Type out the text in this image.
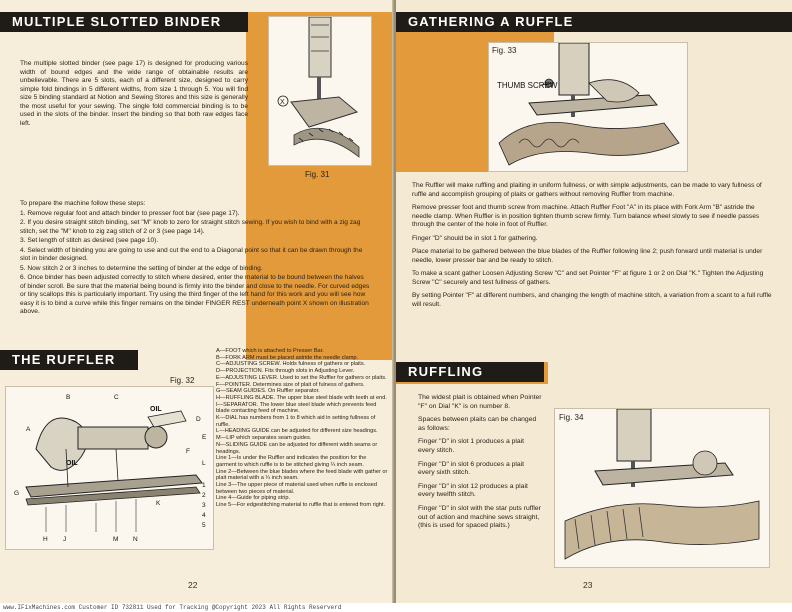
MULTIPLE SLOTTED BINDER
The multiple slotted binder (see page 17) is designed for producing various width of bound edges and the wide range of obtainable results are unbelievable. There are 5 slots, each of a different size, designed to carry simple fold bindings in 5 different widths, from size 1 through 5. You will find size 5 binding standard at Notion and Sewing Stores and this size is generally the most useful for your sewing. The single fold commercial binding is to be used in the slots of the binder. Insert the binding so that both raw edges face left.
X
Fig. 31

To prepare the machine follow these steps:

1. Remove regular foot and attach binder to presser foot bar (see page 17).

2. If you desire straight stitch binding, set "M" knob to zero for straight stitch sewing. If you wish to bind with a zig zag stitch, set the "M" knob to zig zag stitch of 2 or 3 (see page 14).

3. Set length of stitch as desired (see page 10).

4. Select width of binding you are going to use and cut the end to a Diagonal point so that it can be drawn through the slot in binder designed.

5. Now stitch 2 or 3 inches to determine the setting of binder at the edge of binding.

6. Once binder has been adjusted correctly to stitch where desired, enter the material to be bound between the halves of binder scroll. Be sure that the material being bound is firmly into the binder and close to the needle. For curved edges or tiny scallops this is particularly important. Try using the third finger of the left hand for this work and you will see how easy it is to bind a curve while this finger remains on the binder FINGER REST underneath point X shown on illustration above.

THE RUFFLER
Fig. 32
OIL
OIL
A
B	C
D
E
F
G
H J
K
L
M N
1
2
3
4
5

A—FOOT which is attached to Presser Bar.

B—FORK ARM must be placed astride the needle clamp.

C—ADJUSTING SCREW. Holds fulness of gathers or plaits.

D—PROJECTION. Fits through slots in Adjusting Lever.

E—ADJUSTING LEVER. Used to set the Ruffler for gathers or plaits.

F—POINTER. Determines size of plait of fulness of gathers.

G—SEAM GUIDES. On Ruffler separator.

H—RUFFLING BLADE. The upper blue steel blade with teeth at end.

I—SEPARATOR. The lower blue steel blade which prevents feed blade contacting feed of machine.

K—DIAL has numbers from 1 to 8 which aid in setting fullness of ruffle.

L—HEADING GUIDE can be adjusted for different size headings.

M—LIP which separates seam guides.

N—SLIDING GUIDE can be adjusted for different width seams or headings.

Line 1—Is under the Ruffler and indicates the position for the garment to which ruffle is to be stitched giving ¼ inch seam.

Line 2—Between the blue blades where the feed blade with gather or plait material with a ¼ inch seam.

Line 3—The upper piece of material used when ruffle is enclosed between two pieces of material.

Line 4—Guide for piping strip.

Line 5—For edgestitching material to ruffle that is entered from right.

22
GATHERING A RUFFLE
THUMB SCREW
Fig. 33

The Ruffler will make ruffling and plaiting in uniform fullness, or with simple adjustments, can be made to vary fullness of ruffle and accomplish grouping of plaits or gathers without removing Ruffler from machine.

Remove presser foot and thumb screw from machine. Attach Ruffler Foot "A" in its place with Fork Arm "B" astride the needle clamp. When Ruffler is in position tighten thumb screw firmly. Turn balance wheel slowly to see if needle passes through the center of the hole in foot of Ruffler.

Finger "D" should be in slot 1 for gathering.

Place material to be gathered between the blue blades of the Ruffler following line 2; push forward until material is under needle, lower presser bar and be ready to stitch.

To make a scant gather Loosen Adjusting Screw "C" and set Pointer "F" at figure 1 or 2 on Dial "K." Tighten the Adjusting Screw "C" securely and test fullness of gathers.

By setting Pointer "F" at different numbers, and changing the length of machine stitch, a variation from a scant to a full ruffle will result.

RUFFLING

The widest plait is obtained when Pointer "F" on Dial "K" is on number 8.

Spaces between plaits can be changed as follows:

Finger "D" in slot 1 produces a plait every stitch.

Finger "D" in slot 6 produces a plait every sixth stitch.

Finger "D" in slot 12 produces a plait every twelfth stitch.

Finger "D" in slot with the star puts ruffler out of action and machine sews straight, (this is used for spaced plaits.)

Fig. 34
23
www.IFixMachines.com Customer ID 732811 Used for Tracking @Copyright 2023 All Rights Reserverd
